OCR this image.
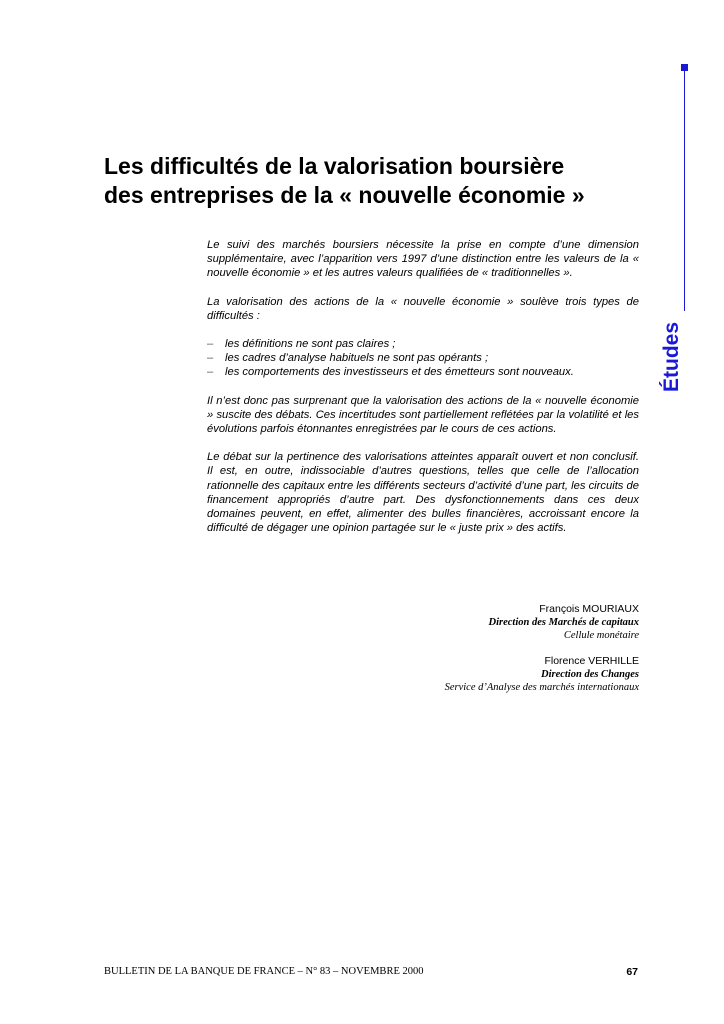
Études
Les difficultés de la valorisation boursière
des entreprises de la « nouvelle économie »

Le suivi des marchés boursiers nécessite la prise en compte d’une dimension supplémentaire, avec l’apparition vers 1997 d’une distinction entre les valeurs de la « nouvelle économie » et les autres valeurs qualifiées de « traditionnelles ».

La valorisation des actions de la « nouvelle économie » soulève trois types de difficultés :

– les définitions ne sont pas claires ;
– les cadres d’analyse habituels ne sont pas opérants ;
– les comportements des investisseurs et des émetteurs sont nouveaux.

Il n’est donc pas surprenant que la valorisation des actions de la « nouvelle économie » suscite des débats. Ces incertitudes sont partiellement reflétées par la volatilité et les évolutions parfois étonnantes enregistrées par le cours de ces actions.

Le débat sur la pertinence des valorisations atteintes apparaît ouvert et non conclusif. Il est, en outre, indissociable d’autres questions, telles que celle de l’allocation rationnelle des capitaux entre les différents secteurs d’activité d’une part, les circuits de financement appropriés d’autre part. Des dysfonctionnements dans ces deux domaines peuvent, en effet, alimenter des bulles financières, accroissant encore la difficulté de dégager une opinion partagée sur le « juste prix » des actifs.

François MOURIAUX
Direction des Marchés de capitaux
Cellule monétaire
Florence VERHILLE
Direction des Changes
Service d’Analyse des marchés internationaux
BULLETIN DE LA BANQUE DE FRANCE – N° 83 – NOVEMBRE 2000	67
